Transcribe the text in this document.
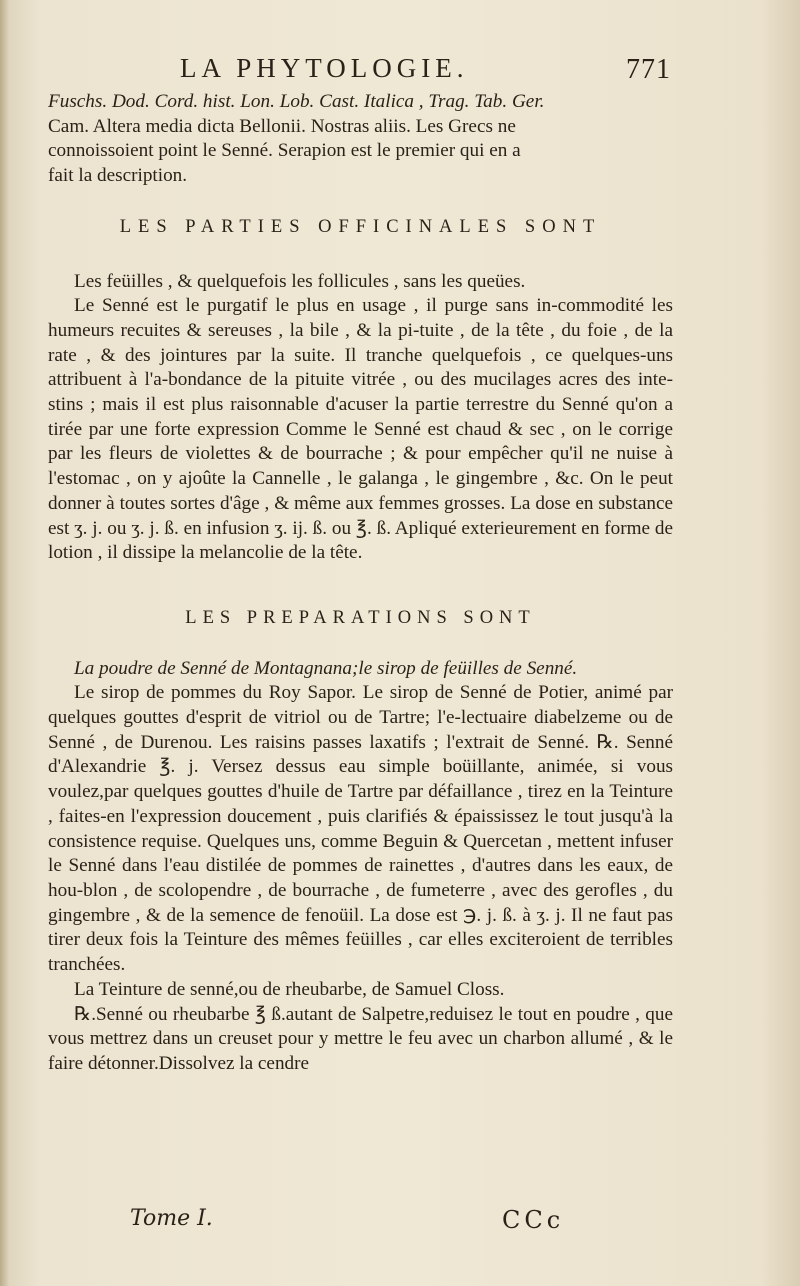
LA PHYTOLOGIE.	771

Fuschs. Dod. Cord. hist. Lon. Lob. Cast. Italica , Trag. Tab. Ger.

Cam. Altera media dicta Bellonii. Nostras aliis. Les Grecs ne

connoissoient point le Senné. Serapion est le premier qui en a

fait la description.

LES PARTIES OFFICINALES SONT

Les feüilles , & quelquefois les follicules , sans les queües.

Le Senné est le purgatif le plus en usage , il purge sans in-commodité les humeurs recuites & sereuses , la bile , & la pi-tuite , de la tête , du foie , de la rate , & des jointures par la suite. Il tranche quelquefois , ce quelques-uns attribuent à l'a-bondance de la pituite vitrée , ou des mucilages acres des inte-stins ; mais il est plus raisonnable d'acuser la partie terrestre du Senné qu'on a tirée par une forte expression Comme le Senné est chaud & sec , on le corrige par les fleurs de violettes & de bourrache ; & pour empêcher qu'il ne nuise à l'estomac , on y ajoûte la Cannelle , le galanga , le gingembre , &c. On le peut donner à toutes sortes d'âge , & même aux femmes grosses. La dose en substance est ʒ. j. ou ʒ. j. ß. en infusion ʒ. ij. ß. ou ℥. ß. Apliqué exterieurement en forme de lotion , il dissipe la melancolie de la tête.

LES PREPARATIONS SONT

La poudre de Senné de Montagnana;le sirop de feüilles de Senné.

Le sirop de pommes du Roy Sapor. Le sirop de Senné de Potier, animé par quelques gouttes d'esprit de vitriol ou de Tartre; l'e-lectuaire diabelzeme ou de Senné , de Durenou. Les raisins passes laxatifs ; l'extrait de Senné. ℞. Senné d'Alexandrie ℥. j. Versez dessus eau simple boüillante, animée, si vous voulez,par quelques gouttes d'huile de Tartre par défaillance , tirez en la Teinture , faites-en l'expression doucement , puis clarifiés & épaississez le tout jusqu'à la consistence requise. Quelques uns, comme Beguin & Quercetan , mettent infuser le Senné dans l'eau distilée de pommes de rainettes , d'autres dans les eaux, de hou-blon , de scolopendre , de bourrache , de fumeterre , avec des gerofles , du gingembre , & de la semence de fenoüil. La dose est ℈. j. ß. à ʒ. j. Il ne faut pas tirer deux fois la Teinture des mêmes feüilles , car elles exciteroient de terribles tranchées.

La Teinture de senné,ou de rheubarbe, de Samuel Closs.

℞.Senné ou rheubarbe ℥ ß.autant de Salpetre,reduisez le tout en poudre , que vous mettrez dans un creuset pour y mettre le feu avec un charbon allumé , & le faire détonner.Dissolvez la cendre

Tome I.	CCc
